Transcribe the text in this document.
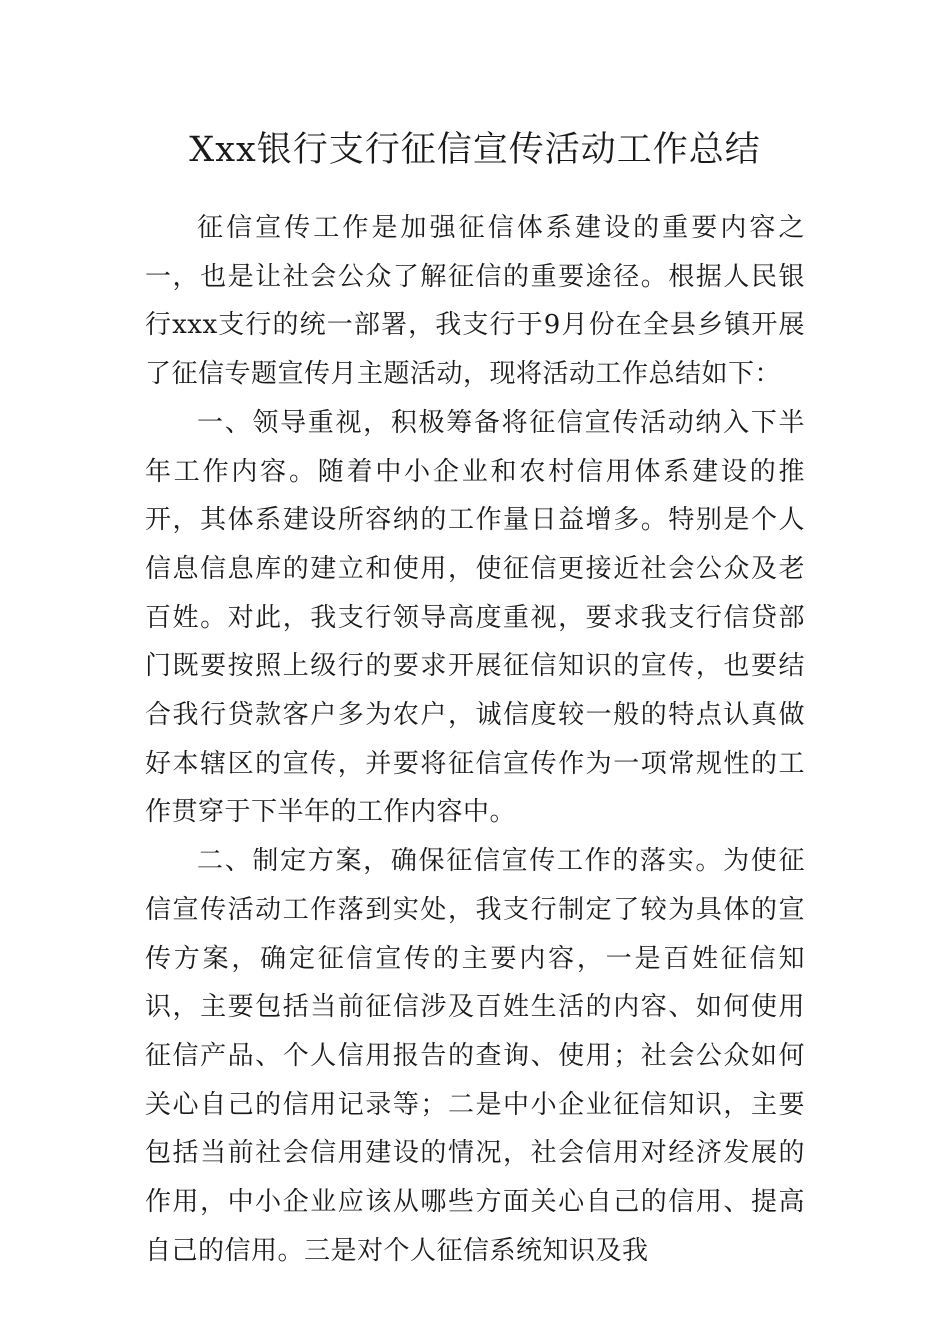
Xxx银行支行征信宣传活动工作总结

征信宣传工作是加强征信体系建设的重要内容之一，也是让社会公众了解征信的重要途径。根据人民银行xxx支行的统一部署，我支行于9月份在全县乡镇开展了征信专题宣传月主题活动，现将活动工作总结如下：

一、领导重视，积极筹备将征信宣传活动纳入下半年工作内容。随着中小企业和农村信用体系建设的推开，其体系建设所容纳的工作量日益增多。特别是个人信息信息库的建立和使用，使征信更接近社会公众及老百姓。对此，我支行领导高度重视，要求我支行信贷部门既要按照上级行的要求开展征信知识的宣传，也要结合我行贷款客户多为农户，诚信度较一般的特点认真做好本辖区的宣传，并要将征信宣传作为一项常规性的工作贯穿于下半年的工作内容中。

二、制定方案，确保征信宣传工作的落实。为使征信宣传活动工作落到实处，我支行制定了较为具体的宣传方案，确定征信宣传的主要内容，一是百姓征信知识，主要包括当前征信涉及百姓生活的内容、如何使用征信产品、个人信用报告的查询、使用；社会公众如何关心自己的信用记录等；二是中小企业征信知识，主要包括当前社会信用建设的情况，社会信用对经济发展的作用，中小企业应该从哪些方面关心自己的信用、提高自己的信用。三是对个人征信系统知识及我
